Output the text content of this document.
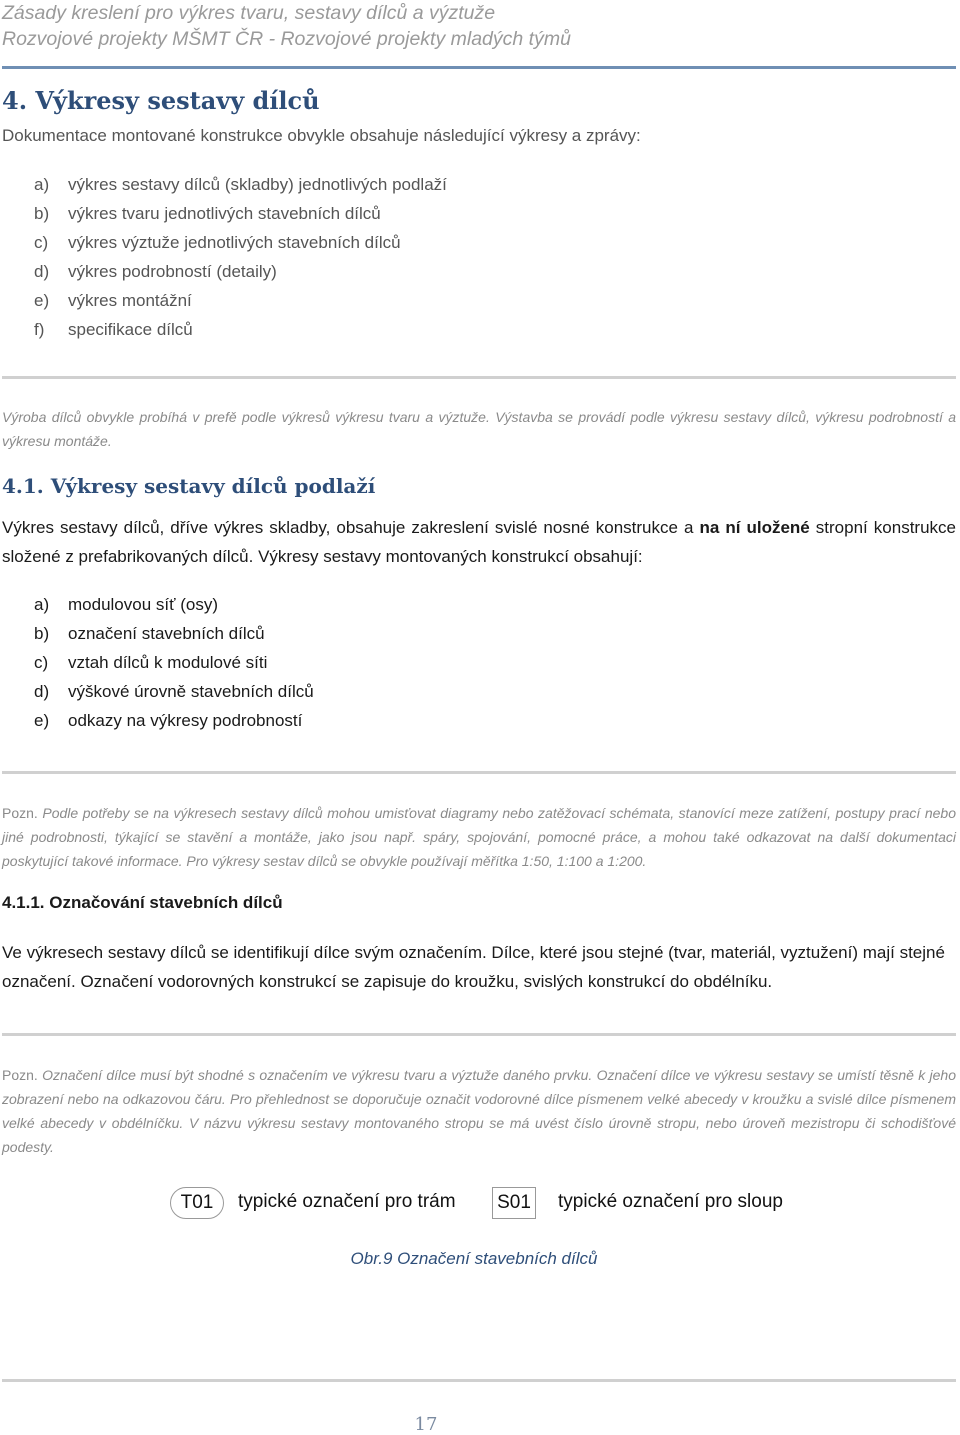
Zásady kreslení pro výkres tvaru, sestavy dílců a výztuže
Rozvojové projekty MŠMT ČR - Rozvojové projekty mladých týmů
4. Výkresy sestavy dílců
Dokumentace montované konstrukce obvykle obsahuje následující výkresy a zprávy:
a) výkres sestavy dílců (skladby) jednotlivých podlaží
b) výkres tvaru jednotlivých stavebních dílců
c) výkres výztuže jednotlivých stavebních dílců
d) výkres podrobností (detaily)
e) výkres montážní
f) specifikace dílců
Výroba dílců obvykle probíhá v prefě podle výkresů výkresu tvaru a výztuže. Výstavba se provádí podle výkresu sestavy dílců, výkresu podrobností a výkresu montáže.
4.1. Výkresy sestavy dílců podlaží
Výkres sestavy dílců, dříve výkres skladby, obsahuje zakreslení svislé nosné konstrukce a na ní uložené stropní konstrukce složené z prefabrikovaných dílců. Výkresy sestavy montovaných konstrukcí obsahují:
a) modulovou síť (osy)
b) označení stavebních dílců
c) vztah dílců k modulové síti
d) výškové úrovně stavebních dílců
e) odkazy na výkresy podrobností
Pozn. Podle potřeby se na výkresech sestavy dílců mohou umisťovat diagramy nebo zatěžovací schémata, stanovící meze zatížení, postupy prací nebo jiné podrobnosti, týkající se stavění a montáže, jako jsou např. spáry, spojování, pomocné práce, a mohou také odkazovat na další dokumentaci poskytující takové informace. Pro výkresy sestav dílců se obvykle používají měřítka 1:50, 1:100 a 1:200.
4.1.1. Označování stavebních dílců
Ve výkresech sestavy dílců se identifikují dílce svým označením. Dílce, které jsou stejné (tvar, materiál, vyztužení) mají stejné označení. Označení vodorovných konstrukcí se zapisuje do kroužku, svislých konstrukcí do obdélníku.
Pozn. Označení dílce musí být shodné s označením ve výkresu tvaru a výztuže daného prvku. Označení dílce ve výkresu sestavy se umístí těsně k jeho zobrazení nebo na odkazovou čáru. Pro přehlednost se doporučuje označit vodorovné dílce písmenem velké abecedy v kroužku a svislé dílce písmenem velké abecedy v obdélníčku. V názvu výkresu sestavy montovaného stropu se má uvést číslo úrovně stropu, nebo úroveň mezistropu či schodišťové podesty.
T01	typické označení pro trám S01 typické označení pro sloup
Obr.9 Označení stavebních dílců
17
